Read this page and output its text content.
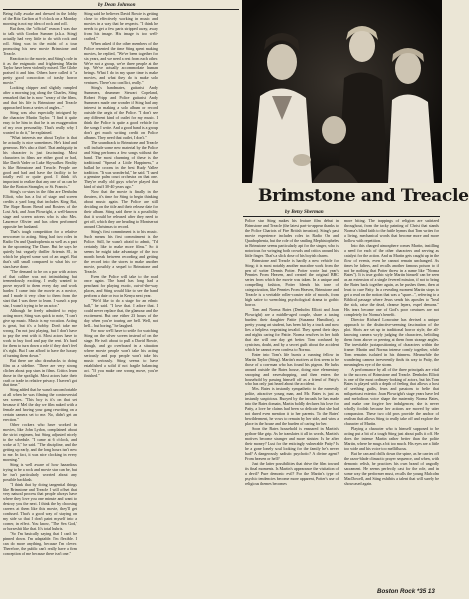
by Dean Johnson

Being fully awake and dressed in the lobby of the Ritz Carlton at 9 o'clock on a Monday morning is not my idea of rock and roll.

But then, the "official" reason I was due to talk with Gordon Sumner (a.k.a. Sting) actually had very little to do with rock and roll. Sting was in the midst of a tour promoting his new movie Brimstone and Treacle.

Reaction to the movie, and Sting's role in it as the enigmatic and frightening Martin Taylor have been violently mixed. The Globe praised it and him. Others have called it "a pretty good concoction of trashy horror movie."

Looking chipper and slightly rumpled after a morning jog along the Charles, Sting remarked that he is now "weary of the films, and that his life is Brimstone and Treacle approached from a series of angles..."

Sting was also especially intrigued by the character Martin Taylor. "I find it quite easy to be him in that he is an exaggeration of my own personality. That's really why I wanted to do it," he explained.

"What interests me about Taylor is that he actually is nice sometimes. He's kind and generous. He's also a thief. That ambiguity in his character is just fascinating. Most characters in films are either good or bad, like Darth Vader or Luke Skywalker. Reality is like Brimstone and Treacle. People are good and bad and have the facility to be totally evil or quite good. I think it's important to realize that any one of us can be like the Boston Strangler, or St. Francis."

Sting's co-stars in the film are Denholm Elliott, who has a list of stage and screen credits a yard long that includes King Rat, The Rape Room Bread and Rosters of the Lost Ark, and Joan Plowright, a well-known stage and screen actress who is also Mrs. Laurence Olivier and has often performed opposite her husband.

That's tough competition for a relative newcomer to acting. Sting had two roles in Radio On and Quadrophenia as well as a part in the upcoming The Dune. But he says he quietly but vaguely thriller Artemis 81, in which he played some sort of an angel. But that's still small compared to what his co-stars have done.

"The demand to be on a par with actors of that calibre was not intimidating but tremendously exciting. I really wanted to prove myself to them every day and work harder. I came into the movie as a novice, and I made it very clear to them from the start that I was there to learn. I wasn't a pop star, I wasn't trying to be an actor."

Although he freely admitted to enjoy acting more, Sting was quick to note, "I can't give up music. Music is my vocation. Acting is great, but it's a hobby. Don't take me wrong. I'm not just playing, but I don't have to pay the rent with it. Most actors have to work to buy food and pay the rent. It's hard for them to turn down a role if they don't feel it's right. But I can afford to have the luxury of turning them down."

But there are also drawbacks to doing film as a sideline. "There are very strong cliches about pop stars in films. Critics learn those in the spotlight. Most actors hate their craft or trade in relative privacy. I haven't got that time."

Sting added that he wasn't uncomfortable at all when he was filming the controversial sex scenes. "This boy is it's on that set because if Mel the day we film naked with a female and having your gang rewriting on a certain camera set to me. No, didn't get an erection."

Other rockers who have worked in movies, like John Lydon, complained about the strict regimen, but Sting adjusted nicely to the schedule. "I came at 6 o'clock, and woke at 5," he said. "The discipline, and the getting up early, and the long hours isn't new to me. In fact, it was nice clocking in every morning."

Sting is well aware of how hazardous trying to be a rock and movie star can be, but he isn't particularly worried about any possible backlash.

"I think that by doing tangential things like Brimstone and Treacle I will offset that very natural process that people always have where they love you one minute and want to destroy you the next. I think the by choosing careers at them like this movie, they'll get confused. That's a good way of staying on my side so that I don't paint myself into a corner, in effect. You know, "The Sex God,' or horseshit like that. It's total hubris.

"So I'm basically saying that I can't be pinned down. I'm adaptable. I'm flexible. I can do more anything, because I'm clever. Therefore, the public can't really have a firm conception of me because there isn't one."

Sting said he believes David Bowie is getting close to effectively working in music and movies in a way that he respects. "I think he needs to get a few parts stripped away, away from his image. His image is too well-crafted."

When asked if the other members of the Police resented the time Sting spent making movies, he replied, "We've been together for six years, and we need a rest from each other. We're not a group, we're three people at the top. We've actually accommodate human beings. What I do in my spare time is make movies, and what they do is make solo ventures. There's no conflict, really."

Sting's bandmates, guitarist Andy Summers, drummer Stewart Copeland, Robert Fripp and Police guitarist Andy Summers made one wonder if Sting had any interest in making a solo album or record outside the aegis of the Police. "I don't see any different kind of outlet for my music. I think the Police is quite a good vehicle for the songs I write. And a good band is a group don't get much writing credit on Police albums. They need that outlet, I don't."

The soundtrack to Brimstone and Treacle will include some new material by the Police and Sting performs a few songs without the band. The most charming of these is the traditional "Spread a Little Happiness," a ballad he croons in the best Rudy Vallee tradition. "It was wonderful," he said. "I used a genuine palm court orchestra on that one. They're really old guys who've played that kind of stuff 30-40 years ago."

Now that the movie is finally in the theaters, it's time for Sting to begin thinking about music again. The Police are still deciding on the title and their release date for their album. Sting said there is a possibility that it would be released after they need to get off, which they are heading to Montserrat around Christmas to record.

Sting's first commitment is to his music. Such means his first commitment is the Police. Still, he wasn't afraid to admit, "I'd certainly like to make more films." So it seems he might take advantage of the two month break between recording and getting the record into the stores to make another movie, possibly a sequel to Brimstone and Treacle.

Even the Police will take to the road once again. The band has long had a penchant for playing exotic, out-of-the-way places, and Sting would like to see the band perform a date or two in Kenya next year.

"We'd like to do a stage for an ethnic ball," he said. "I love that. I adore that. I could never replace that, the glamour and the excitement. But one either 23 hours of the day when you're touring are hell. Well, not hell... but boring," he laughed.

For now we'll have to settle for watching Sting on the silver screen instead of on the stage. He isn't about to pull a David Bowie, though, and go overboard in a situation where movie people won't take his acting seriously and pop people won't take his music seriously. Sting seems to have established a solid if not fragile balancing act. "If you make one wrong move, you're finished."

Brimstone and Treacle
by Betsy Sherman

Police star Sting makes his feature film debut in Brimstone and Treacle (the latest part-to-appear thanks to the Police Chariots of Fire British invasion). Sting's past movie experience includes roles in Radio On and Quadrophenia, but the role of the smiling Mephistopheles in Brimstone seems particularly apt for the singer, who is notorious for wringing both crowds and critics around his little finger. That's a slick dose of his boyish charm.

Brimstone and Treacle is hardly a new vehicle for Sting; it is most notably another macabre work from the pen of writer Dennis Potter. Potter wrote last year's Pennies From Heaven, and created the original BBC series from which the movie was taken. In a unique and compelling fashion, Potter blends his tone of categorization, like Pennies From Heaven, Brimstone and Treacle is a veritable roller-coaster ride of moods, from high satire to wrenching psychological drama to gothic horror.

Tom and Norma Bates (Denholm Elliott and Joan Plowright) are a middle-aged couple, share a taxing burden: their daughter Pattie (Suzanna Hamilton), a pretty young art student, has been hit by a truck and now lies a helpless vegetating invalid. They spend their days and nights caring for Pattie. Norma resolves in her faith that she will one day get better. Tom confused by cynicism, doubt, and by a secret guilt about the accident which he cannot even confess to Norma.

Enter into Tom's life bursts a cunning fellow in Martin Taylor (Sting). Martin's motives at first seem to be those of a con-man who has found his pigeon. He lurks around outside the Bates house, doing nice elementary snooping and eavesdropping, and then enters the household by passing himself off as a friend of Patty's who has only just heard about the accident.

Mrs. Bates is instantly sympathetic to the earnestly polite, attractive young man, and Mr. Bates is just as instantly suspicious. Buoyed by the inroads he has made into the Bates domain, Martin boldly declares his love for Patty, a love he claims had been so delicate that she had not dared even mention it to her parents. To the Bates' bewilderment, he vows to remain by her side, and wins a place in the house and the burden of caring for her.

Soon the Bates household is ensnared in Martin's python-like grip. As he translates it all in words, Martin's motives become stranger and more sinister. Is he after their money? Lust for the enticingly vulnerable Patty? Is he a gone lonely soul looking for the family he's never had? A dangerously sadistic psychotic? A divine agent? From heaven or hell?

Just the latter possibilities that drive the film toward its final moments. Is Martin's appearance the visitation of a devil? Pure demonic evil? For the Martin's type of psychic tendencies become more apparent, Potter's use of religious themes becomes

more biting. The trappings of religion are satirized throughout, from the tacky painting of Christ that stands Norma's blind faith to the futile hymns that Tom writes for a living, mechanical words that become more and more hollow with repetition.

Into this charged atmosphere comes Martin, instilling a need for each of the other characters and serving as catalyst for the action. And as Martin gets caught up in the flow of events, even he cannot remain unchanged. As times he falters, and recalls another famous poison to if not be nothing that Potter threw in a name like "Norma Bates"). It is true gothic style Martin himself can be seen as an extension of a single fevered mission, if not to bring the Bates back together again, as he pushes them, then at least to cure Patty. In a revealing moment Martin stops to get a read on the notion that was a "spare...", referring to a Biblical passage where Jesus sends his apostles to "heal the sick, raise the dead, cleanse lepers, expel demons." His tears became one of God's poor creatures are not completely for Norma's benefit.

Director Richard Loncraine has devised a unique approach to the distinctive-seeming fascination of the plot. Shots are set up in traditional horror style, the all-knowing camera wryly judging the characters, belittling them from above or peering at them from strange angles. The inevitable juxtapositioning of characters within the frame: Martin and Norma intense comfy together, while Tom remains isolated in his thinness. Meanwhile the wandering camera irreverently finds its way to Patty, the meaningless eye of the storm.

A performance by all of the three principals are vital to the success of Brimstone and Treacle. Denholm Elliott is one of the most ordinary-looking of actors, but his Tom Bates is played with a depth of feeling that allows a host of seething guilts, fears and passions to belie that milquetoast exterior. Joan Plowright's stage years have led and melodious voice shape the maternity Norma Bates, and make one forgive her indulgences; she is never wholly foolish because her actions are moved by utter compassion. These two old pros provide the anchor of realism that allows Sting to really take off and explore the character of Martin.

Playing a character who is himself supposed to be acting put a bit of a tough Sting just about pulls it off. He does the intense Martin rather better than the polite Martin, where he mugs a bit too much. His eyes are a little too wide and his voice too mellifluous.

But he can and chills down the spine, as he carries off the razor-blade climactic prayer sequence, and when, with demonic relish, he practices his own brand of ungodly sacrament. He seems perfectly cast for the role, and in some way the performer must, recalls the young Malcolm MacDowell, and Sting exhibits a talent that will surely be showcased again.

Boston Rock *35 13
